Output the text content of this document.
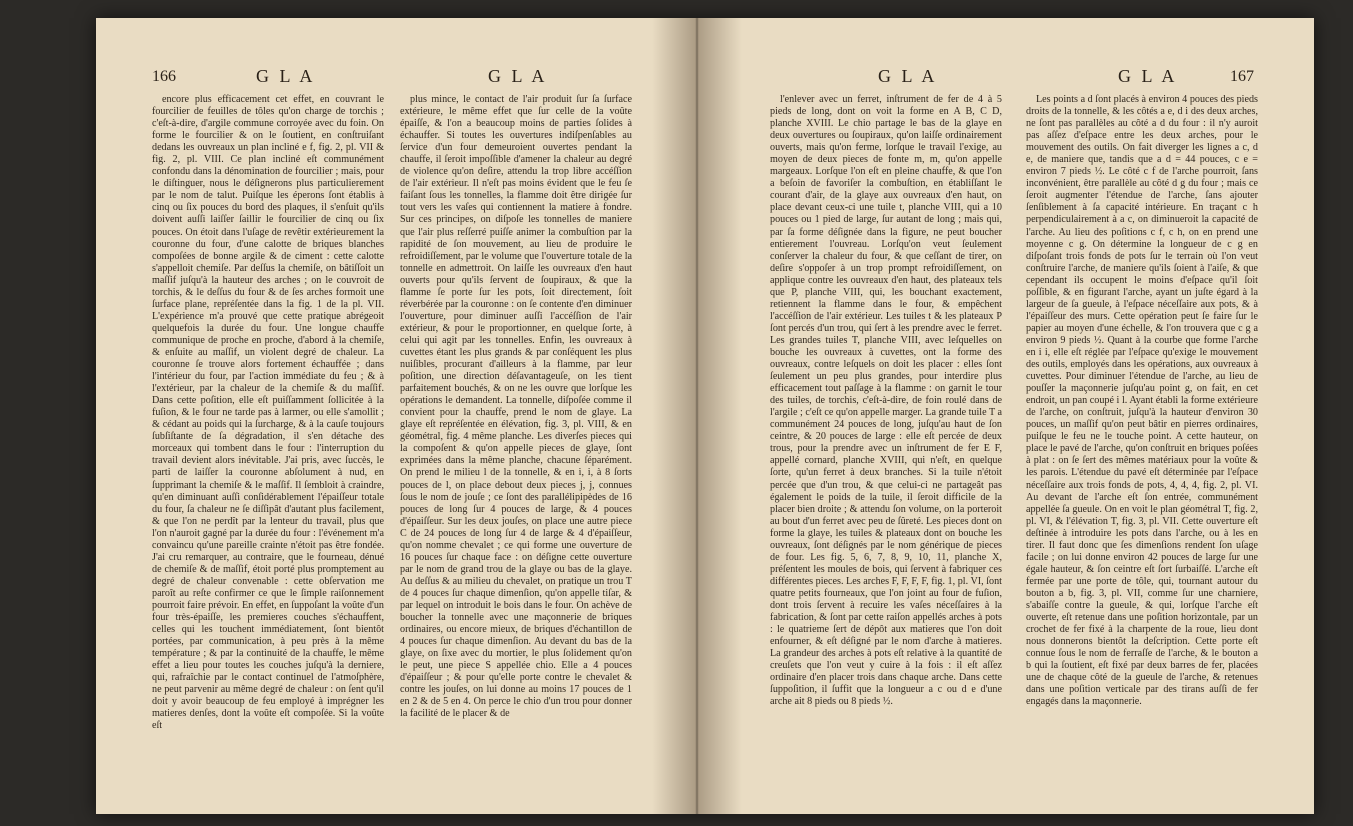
166	G L A	G L A

encore plus efficacement cet effet, en couvrant le fourcilier de feuilles de tôles qu'on charge de torchis ; c'eſt-à-dire, d'argile commune corroyée avec du foin. On forme le fourcilier & on le ſoutient, en conſtruiſant dedans les ouvreaux un plan incliné e f, fig. 2, pl. VII & fig. 2, pl. VIII. Ce plan incliné eſt communément confondu dans la dénomination de fourcilier ; mais, pour le diſtinguer, nous le déſignerons plus particulierement par le nom de talut. Puiſque les éperons ſont établis à cinq ou ſix pouces du bord des plaques, il s'enſuit qu'ils doivent auſſi laiſſer ſaillir le fourcilier de cinq ou ſix pouces. On étoit dans l'uſage de revêtir extérieurement la couronne du four, d'une calotte de briques blanches compoſées de bonne argile & de ciment : cette calotte s'appelloit chemiſe. Par deſſus la chemiſe, on bâtiſſoit un maſſif juſqu'à la hauteur des arches ; on le couvroit de torchis, & le deſſus du four & de ſes arches formoit une ſurface plane, repréſentée dans la fig. 1 de la pl. VII. L'expérience m'a prouvé que cette pratique abrégeoit quelquefois la durée du four. Une longue chauffe communique de proche en proche, d'abord à la chemiſe, & enſuite au maſſif, un violent degré de chaleur. La couronne ſe trouve alors fortement échauffée ; dans l'intérieur du four, par l'action immédiate du feu ; & à l'extérieur, par la chaleur de la chemiſe & du maſſif. Dans cette poſition, elle eſt puiſſamment ſollicitée à la fuſion, & le four ne tarde pas à larmer, ou elle s'amollit ; & cédant au poids qui la ſurcharge, & à la cauſe toujours ſubſiſtante de ſa dégradation, il s'en détache des morceaux qui tombent dans le four : l'interruption du travail devient alors inévitable. J'ai pris, avec ſuccès, le parti de laiſſer la couronne abſolument à nud, en ſupprimant la chemiſe & le maſſif. Il ſembloit à craindre, qu'en diminuant auſſi conſidérablement l'épaiſſeur totale du four, ſa chaleur ne ſe diſſipât d'autant plus facilement, & que l'on ne perdît par la lenteur du travail, plus que l'on n'auroit gagné par la durée du four : l'événement m'a convaincu qu'une pareille crainte n'étoit pas être fondée. J'ai cru remarquer, au contraire, que le fourneau, dénué de chemiſe & de maſſif, étoit porté plus promptement au degré de chaleur convenable : cette obſervation me paroît au reſte confirmer ce que le ſimple raiſonnement pourroit faire prévoir. En effet, en ſuppoſant la voûte d'un four très-épaiſſe, les premieres couches s'échauffent, celles qui les touchent immédiatement, ſont bientôt portées, par communication, à peu près à la même température ; & par la continuité de la chauffe, le même effet a lieu pour toutes les couches juſqu'à la derniere, qui, rafraîchie par le contact continuel de l'atmoſphère, ne peut parvenir au même degré de chaleur : on ſent qu'il doit y avoir beaucoup de feu employé à imprégner les matieres denſes, dont la voûte eſt compoſée. Si la voûte eſt

plus mince, le contact de l'air produit ſur ſa ſurface extérieure, le même effet que ſur celle de la voûte épaiſſe, & l'on a beaucoup moins de parties ſolides à échauffer. Si toutes les ouvertures indiſpenſables au ſervice d'un four demeuroient ouvertes pendant la chauffe, il ſeroit impoſſible d'amener la chaleur au degré de violence qu'on deſire, attendu la trop libre accéſſion de l'air extérieur. Il n'eſt pas moins évident que le feu ſe faiſant ſous les tonnelles, la flamme doit être dirigée ſur tout vers les vaſes qui contiennent la matiere à fondre. Sur ces principes, on diſpoſe les tonnelles de maniere que l'air plus reſſerré puiſſe animer la combuſtion par la rapidité de ſon mouvement, au lieu de produire le refroidiſſement, par le volume que l'ouverture totale de la tonnelle en admettroit. On laiſſe les ouvreaux d'en haut ouverts pour qu'ils ſervent de ſoupiraux, & que la flamme ſe porte ſur les pots, ſoit directement, ſoit réverbérée par la couronne : on ſe contente d'en diminuer l'ouverture, pour diminuer auſſi l'accéſſion de l'air extérieur, & pour le proportionner, en quelque ſorte, à celui qui agit par les tonnelles. Enfin, les ouvreaux à cuvettes étant les plus grands & par conſéquent les plus nuiſibles, procurant d'ailleurs à la flamme, par leur poſition, une direction déſavantageuſe, on les tient parfaitement bouchés, & on ne les ouvre que lorſque les opérations le demandent. La tonnelle, diſpoſée comme il convient pour la chauffe, prend le nom de glaye. La glaye eſt repréſentée en élévation, fig. 3, pl. VIII, & en géométral, fig. 4 même planche. Les diverſes pieces qui la compoſent & qu'on appelle pieces de glaye, ſont exprimées dans la même planche, chacune ſéparément. On prend le milieu l de la tonnelle, & en i, i, à 8 ſorts pouces de l, on place debout deux pieces j, j, connues ſous le nom de jouſe ; ce ſont des parallélipipèdes de 16 pouces de long ſur 4 pouces de large, & 4 pouces d'épaiſſeur. Sur les deux jouſes, on place une autre piece C de 24 pouces de long ſur 4 de large & 4 d'épaiſſeur, qu'on nomme chevalet ; ce qui forme une ouverture de 16 pouces ſur chaque face : on déſigne cette ouverture par le nom de grand trou de la glaye ou bas de la glaye. Au deſſus & au milieu du chevalet, on pratique un trou T de 4 pouces ſur chaque dimenſion, qu'on appelle tiſar, & par lequel on introduit le bois dans le four. On achève de boucher la tonnelle avec une maçonnerie de briques ordinaires, ou encore mieux, de briques d'échantillon de 4 pouces ſur chaque dimenſion. Au devant du bas de la glaye, on ſixe avec du mortier, le plus ſolidement qu'on le peut, une piece S appellée chio. Elle a 4 pouces d'épaiſſeur ; & pour qu'elle porte contre le chevalet & contre les jouſes, on lui donne au moins 17 pouces de 1 en 2 & de 5 en 4. On perce le chio d'un trou pour donner la facilité de le placer & de

G L A	G L A	167

l'enlever avec un ferret, inſtrument de fer de 4 à 5 pieds de long, dont on voit la forme en A B, C D, planche XVIII. Le chio partage le bas de la glaye en deux ouvertures ou ſoupiraux, qu'on laiſſe ordinairement ouverts, mais qu'on ferme, lorſque le travail l'exige, au moyen de deux pieces de fonte m, m, qu'on appelle margeaux. Lorſque l'on eſt en pleine chauffe, & que l'on a beſoin de favoriſer la combuſtion, en établiſſant le courant d'air, de la glaye aux ouvreaux d'en haut, on place devant ceux-ci une tuile t, planche VIII, qui a 10 pouces ou 1 pied de large, ſur autant de long ; mais qui, par ſa forme déſignée dans la figure, ne peut boucher entierement l'ouvreau. Lorſqu'on veut ſeulement conſerver la chaleur du four, & que ceſſant de tirer, on deſire s'oppoſer à un trop prompt refroidiſſement, on applique contre les ouvreaux d'en haut, des plateaux tels que P, planche VIII, qui, les bouchant exactement, retiennent la flamme dans le four, & empêchent l'accéſſion de l'air extérieur. Les tuiles t & les plateaux P ſont percés d'un trou, qui ſert à les prendre avec le ferret. Les grandes tuiles T, planche VIII, avec leſquelles on bouche les ouvreaux à cuvettes, ont la forme des ouvreaux, contre leſquels on doit les placer : elles ſont ſeulement un peu plus grandes, pour interdire plus efficacement tout paſſage à la flamme : on garnit le tour des tuiles, de torchis, c'eſt-à-dire, de foin roulé dans de l'argile ; c'eſt ce qu'on appelle marger. La grande tuile T a communément 24 pouces de long, juſqu'au haut de ſon ceintre, & 20 pouces de large : elle eſt percée de deux trous, pour la prendre avec un inſtrument de fer E F, appellé cornard, planche XVIII, qui n'eſt, en quelque ſorte, qu'un ferret à deux branches. Si la tuile n'étoit percée que d'un trou, & que celui-ci ne partageât pas également le poids de la tuile, il ſeroit difficile de la placer bien droite ; & attendu ſon volume, on la porteroit au bout d'un ferret avec peu de ſûreté. Les pieces dont on forme la glaye, les tuiles & plateaux dont on bouche les ouvreaux, ſont déſignés par le nom générique de pieces de four. Les fig. 5, 6, 7, 8, 9, 10, 11, planche X, préſentent les moules de bois, qui ſervent à fabriquer ces différentes pieces. Les arches F, F, F, F, fig. 1, pl. VI, ſont quatre petits fourneaux, que l'on joint au four de fuſion, dont trois ſervent à recuire les vaſes néceſſaires à la fabrication, & ſont par cette raiſon appellés arches à pots : le quatrieme ſert de dépôt aux matieres que l'on doit enfourner, & eſt déſigné par le nom d'arche à matieres. La grandeur des arches à pots eſt relative à la quantité de creuſets que l'on veut y cuire à la fois : il eſt aſſez ordinaire d'en placer trois dans chaque arche. Dans cette ſuppoſition, il ſuffit que la longueur a c ou d e d'une arche ait 8 pieds ou 8 pieds ½.

Les points a d ſont placés à environ 4 pouces des pieds droits de la tonnelle, & les côtés a e, d i des deux arches, ne ſont pas parallèles au côté a d du four : il n'y auroit pas aſſez d'eſpace entre les deux arches, pour le mouvement des outils. On fait diverger les lignes a c, d e, de maniere que, tandis que a d = 44 pouces, c e = environ 7 pieds ½. Le côté c f de l'arche pourroit, ſans inconvénient, être parallèle au côté d g du four ; mais ce ſeroit augmenter l'étendue de l'arche, ſans ajouter ſenſiblement à ſa capacité intérieure. En traçant c h perpendiculairement à a c, on diminueroit la capacité de l'arche. Au lieu des poſitions c f, c h, on en prend une moyenne c g. On détermine la longueur de c g en diſpoſant trois fonds de pots ſur le terrain où l'on veut conſtruire l'arche, de maniere qu'ils ſoient à l'aiſe, & que cependant ils occupent le moins d'eſpace qu'il ſoit poſſible, & en figurant l'arche, ayant un juſte égard à la largeur de ſa gueule, à l'eſpace néceſſaire aux pots, & à l'épaiſſeur des murs. Cette opération peut ſe faire ſur le papier au moyen d'une échelle, & l'on trouvera que c g a environ 9 pieds ½. Quant à la courbe que forme l'arche en i i, elle eſt réglée par l'eſpace qu'exige le mouvement des outils, employés dans les opérations, aux ouvreaux à cuvettes. Pour diminuer l'étendue de l'arche, au lieu de pouſſer la maçonnerie juſqu'au point g, on fait, en cet endroit, un pan coupé i l. Ayant établi la forme extérieure de l'arche, on conſtruit, juſqu'à la hauteur d'environ 30 pouces, un maſſif qu'on peut bâtir en pierres ordinaires, puiſque le feu ne le touche point. A cette hauteur, on place le pavé de l'arche, qu'on conſtruit en briques poſées à plat : on ſe ſert des mêmes matériaux pour la voûte & les parois. L'étendue du pavé eſt déterminée par l'eſpace néceſſaire aux trois fonds de pots, 4, 4, 4, fig. 2, pl. VI. Au devant de l'arche eſt ſon entrée, communément appellée ſa gueule. On en voit le plan géométral T, fig. 2, pl. VI, & l'élévation T, fig. 3, pl. VII. Cette ouverture eſt deſtinée à introduire les pots dans l'arche, ou à les en tirer. Il faut donc que ſes dimenſions rendent ſon uſage facile ; on lui donne environ 42 pouces de large ſur une égale hauteur, & ſon ceintre eſt ſort ſurbaiſſé. L'arche eſt fermée par une porte de tôle, qui, tournant autour du bouton a b, fig. 3, pl. VII, comme ſur une charniere, s'abaiſſe contre la gueule, & qui, lorſque l'arche eſt ouverte, eſt retenue dans une poſition horizontale, par un crochet de fer fixé à la charpente de la roue, lieu dont nous donnerons bientôt la deſcription. Cette porte eſt connue ſous le nom de ferraſſe de l'arche, & le bouton a b qui la ſoutient, eſt fixé par deux barres de fer, placées une de chaque côté de la gueule de l'arche, & retenues dans une poſition verticale par des tirans auſſi de fer engagés dans la maçonnerie.
